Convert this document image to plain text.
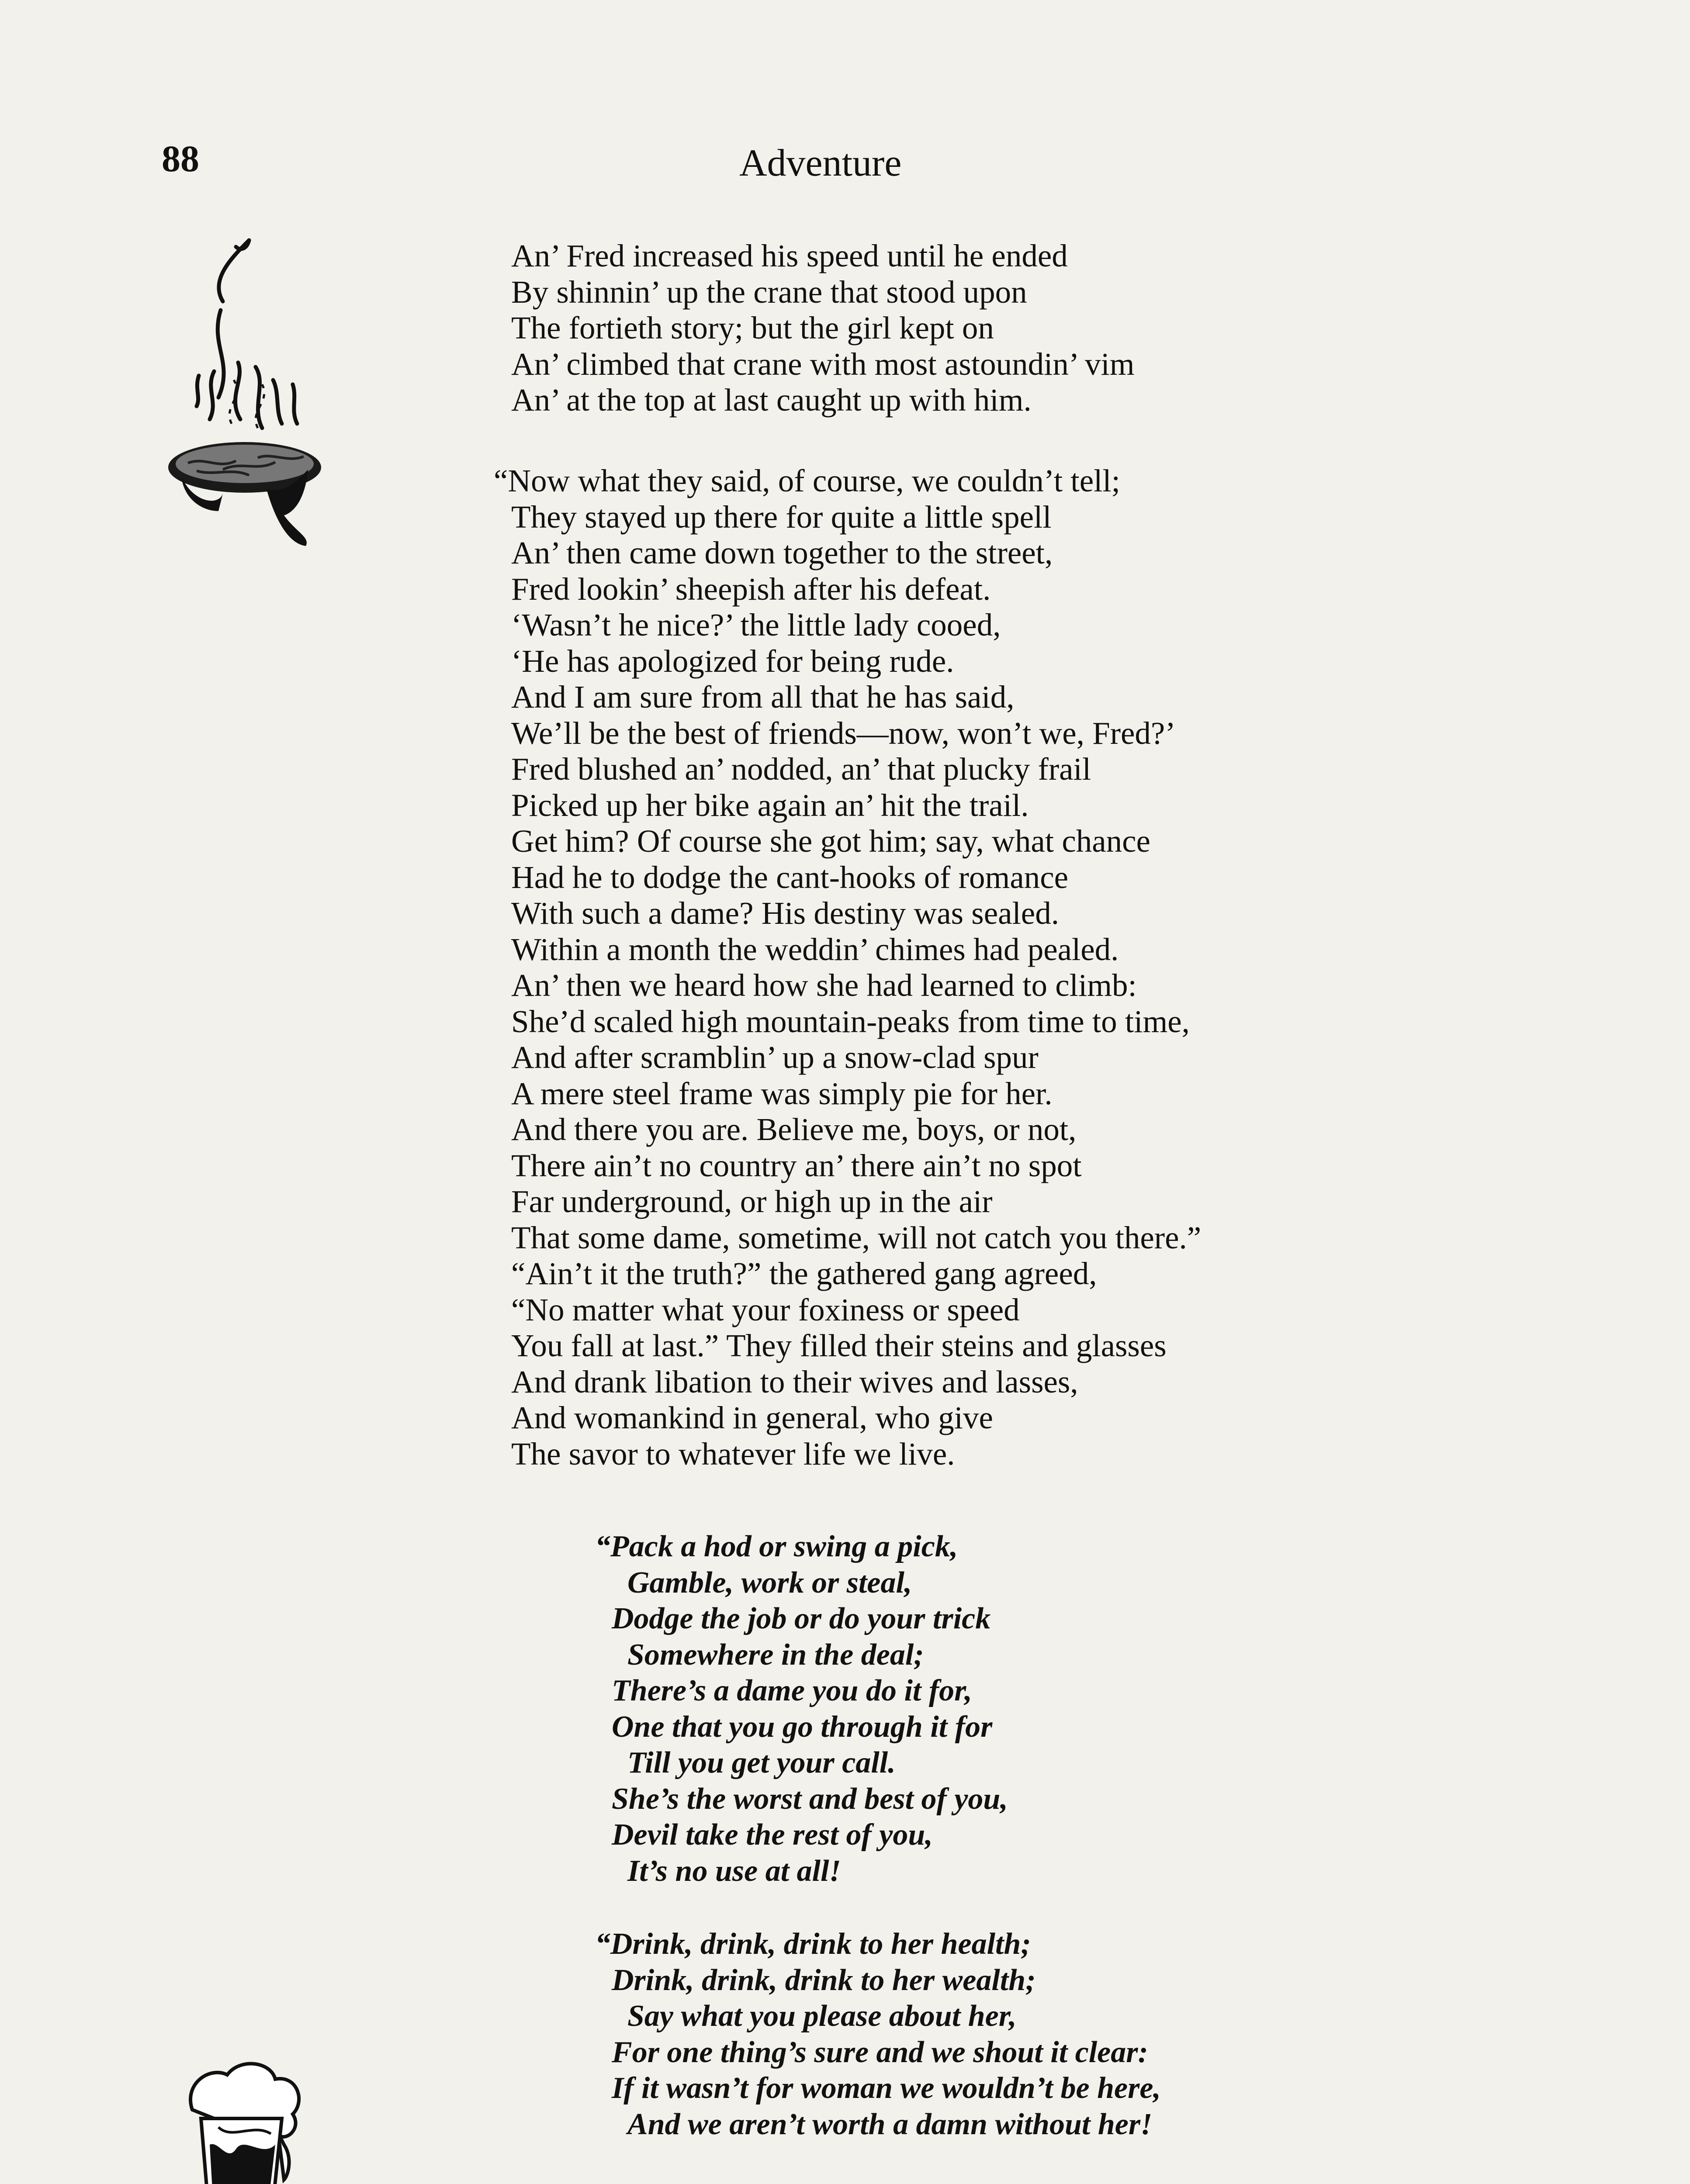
88	Adventure
An’ Fred increased his speed until he ended
By shinnin’ up the crane that stood upon
The fortieth story; but the girl kept on
An’ climbed that crane with most astoundin’ vim
An’ at the top at last caught up with him.
“Now what they said, of course, we couldn’t tell;
They stayed up there for quite a little spell
An’ then came down together to the street,
Fred lookin’ sheepish after his defeat.
‘Wasn’t he nice?’ the little lady cooed,
‘He has apologized for being rude.
And I am sure from all that he has said,
We’ll be the best of friends—now, won’t we, Fred?’
Fred blushed an’ nodded, an’ that plucky frail
Picked up her bike again an’ hit the trail.
Get him? Of course she got him; say, what chance
Had he to dodge the cant-hooks of romance
With such a dame? His destiny was sealed.
Within a month the weddin’ chimes had pealed.
An’ then we heard how she had learned to climb:
She’d scaled high mountain-peaks from time to time,
And after scramblin’ up a snow-clad spur
A mere steel frame was simply pie for her.
And there you are. Believe me, boys, or not,
There ain’t no country an’ there ain’t no spot
Far underground, or high up in the air
That some dame, sometime, will not catch you there.”
“Ain’t it the truth?” the gathered gang agreed,
“No matter what your foxiness or speed
You fall at last.” They filled their steins and glasses
And drank libation to their wives and lasses,
And womankind in general, who give
The savor to whatever life we live.
“Pack a hod or swing a pick,
Gamble, work or steal,
Dodge the job or do your trick
Somewhere in the deal;
There’s a dame you do it for,
One that you go through it for
Till you get your call.
She’s the worst and best of you,
Devil take the rest of you,
It’s no use at all!
“Drink, drink, drink to her health;
Drink, drink, drink to her wealth;
Say what you please about her,
For one thing’s sure and we shout it clear:
If it wasn’t for woman we wouldn’t be here,
And we aren’t worth a damn without her!
